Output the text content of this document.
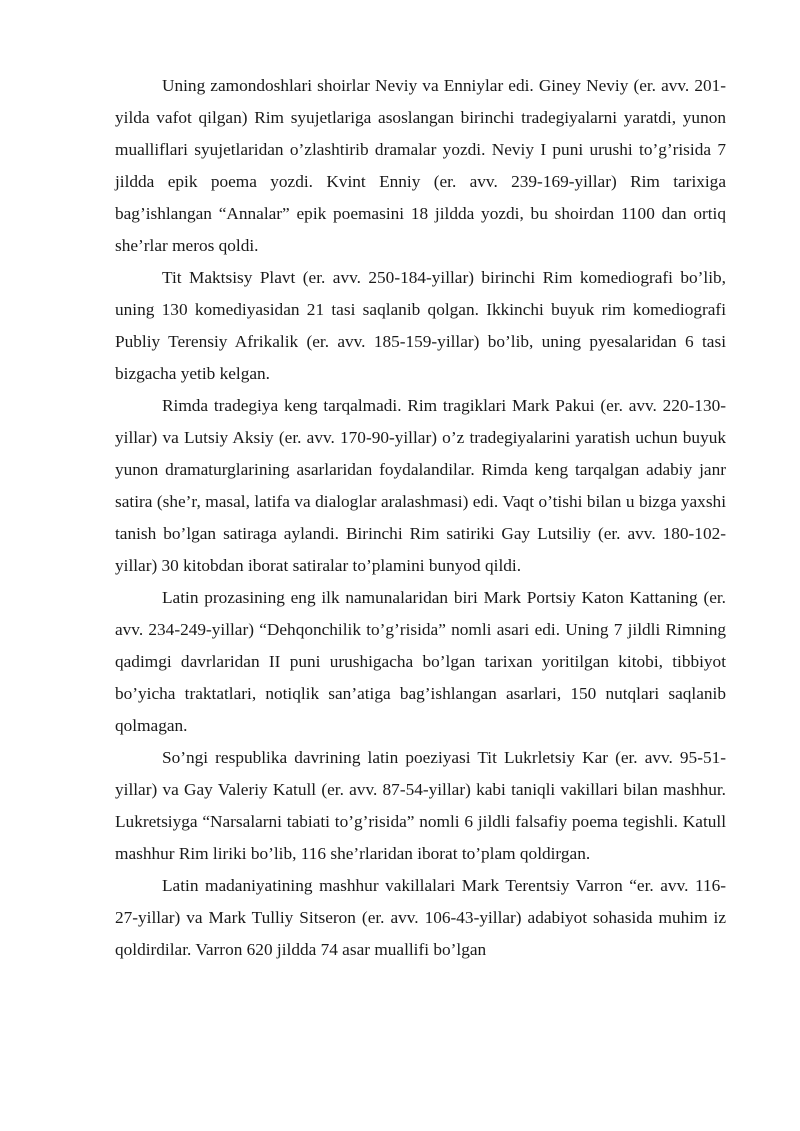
Uning zamondoshlari shoirlar Neviy va Enniylar edi. Giney Neviy (er. avv. 201-yilda vafot qilgan) Rim syujetlariga asoslangan birinchi tradegiyalarni yaratdi, yunon mualliflari syujetlaridan o’zlashtirib dramalar yozdi. Neviy I puni urushi to’g’risida 7 jildda epik poema yozdi. Kvint Enniy (er. avv. 239-169-yillar) Rim tarixiga bag’ishlangan “Annalar” epik poemasini 18 jildda yozdi, bu shoirdan 1100 dan ortiq she’rlar meros qoldi.

Tit Maktsisy Plavt (er. avv. 250-184-yillar) birinchi Rim komediografi bo’lib, uning 130 komediyasidan 21 tasi saqlanib qolgan. Ikkinchi buyuk rim komediografi Publiy Terensiy Afrikalik (er. avv. 185-159-yillar) bo’lib, uning pyesalaridan 6 tasi bizgacha yetib kelgan.

Rimda tradegiya keng tarqalmadi. Rim tragiklari Mark Pakui (er. avv. 220-130-yillar) va Lutsiy Aksiy (er. avv. 170-90-yillar) o’z tradegiyalarini yaratish uchun buyuk yunon dramaturglarining asarlaridan foydalandilar. Rimda keng tarqalgan adabiy janr satira (she’r, masal, latifa va dialoglar aralashmasi) edi. Vaqt o’tishi bilan u bizga yaxshi tanish bo’lgan satiraga aylandi. Birinchi Rim satiriki Gay Lutsiliy (er. avv. 180-102-yillar) 30 kitobdan iborat satiralar to’plamini bunyod qildi.

Latin prozasining eng ilk namunalaridan biri Mark Portsiy Katon Kattaning (er. avv. 234-249-yillar) “Dehqonchilik to’g’risida” nomli asari edi. Uning 7 jildli Rimning qadimgi davrlaridan II puni urushigacha bo’lgan tarixan yoritilgan kitobi, tibbiyot bo’yicha traktatlari, notiqlik san’atiga bag’ishlangan asarlari, 150 nutqlari saqlanib qolmagan.

So’ngi respublika davrining latin poeziyasi Tit Lukrletsiy Kar (er. avv. 95-51-yillar) va Gay Valeriy Katull (er. avv. 87-54-yillar) kabi taniqli vakillari bilan mashhur. Lukretsiyga “Narsalarni tabiati to’g’risida” nomli 6 jildli falsafiy poema tegishli. Katull mashhur Rim liriki bo’lib, 116 she’rlaridan iborat to’plam qoldirgan.

Latin madaniyatining mashhur vakillalari Mark Terentsiy Varron “er. avv. 116-27-yillar) va Mark Tulliy Sitseron (er. avv. 106-43-yillar) adabiyot sohasida muhim iz qoldirdilar. Varron 620 jildda 74 asar muallifi bo’lgan
